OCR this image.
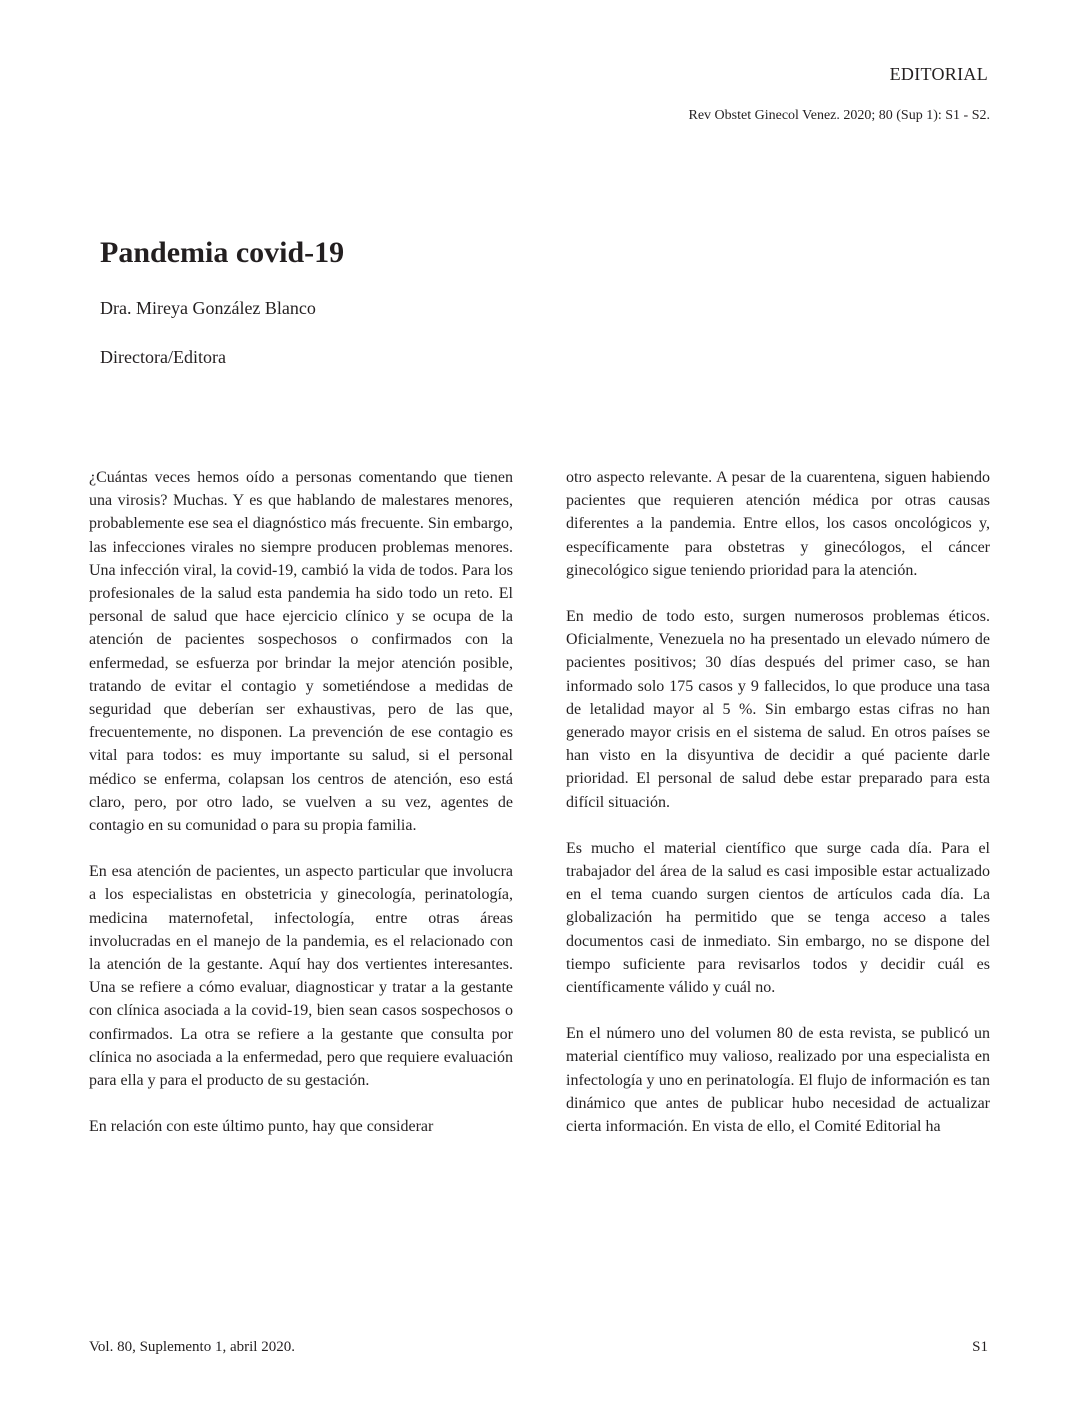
EDITORIAL
Rev Obstet Ginecol Venez. 2020; 80 (Sup 1): S1 - S2.
Pandemia covid-19
Dra. Mireya González Blanco
Directora/Editora

¿Cuántas veces hemos oído a personas comentando que tienen una virosis? Muchas. Y es que hablando de malestares menores, probablemente ese sea el diagnóstico más frecuente. Sin embargo, las infecciones virales no siempre producen problemas menores. Una infección viral, la covid-19, cambió la vida de todos. Para los profesionales de la salud esta pandemia ha sido todo un reto. El personal de salud que hace ejercicio clínico y se ocupa de la atención de pacientes sospechosos o confirmados con la enfermedad, se esfuerza por brindar la mejor atención posible, tratando de evitar el contagio y sometiéndose a medidas de seguridad que deberían ser exhaustivas, pero de las que, frecuentemente, no disponen. La prevención de ese contagio es vital para todos: es muy importante su salud, si el personal médico se enferma, colapsan los centros de atención, eso está claro, pero, por otro lado, se vuelven a su vez, agentes de contagio en su comunidad o para su propia familia.

En esa atención de pacientes, un aspecto particular que involucra a los especialistas en obstetricia y ginecología, perinatología, medicina maternofetal, infectología, entre otras áreas involucradas en el manejo de la pandemia, es el relacionado con la atención de la gestante. Aquí hay dos vertientes interesantes. Una se refiere a cómo evaluar, diagnosticar y tratar a la gestante con clínica asociada a la covid-19, bien sean casos sospechosos o confirmados. La otra se refiere a la gestante que consulta por clínica no asociada a la enfermedad, pero que requiere evaluación para ella y para el producto de su gestación.

En relación con este último punto, hay que considerar

otro aspecto relevante. A pesar de la cuarentena, siguen habiendo pacientes que requieren atención médica por otras causas diferentes a la pandemia. Entre ellos, los casos oncológicos y, específicamente para obstetras y ginecólogos, el cáncer ginecológico sigue teniendo prioridad para la atención.

En medio de todo esto, surgen numerosos problemas éticos. Oficialmente, Venezuela no ha presentado un elevado número de pacientes positivos; 30 días después del primer caso, se han informado solo 175 casos y 9 fallecidos, lo que produce una tasa de letalidad mayor al 5 %. Sin embargo estas cifras no han generado mayor crisis en el sistema de salud. En otros países se han visto en la disyuntiva de decidir a qué paciente darle prioridad. El personal de salud debe estar preparado para esta difícil situación.

Es mucho el material científico que surge cada día. Para el trabajador del área de la salud es casi imposible estar actualizado en el tema cuando surgen cientos de artículos cada día. La globalización ha permitido que se tenga acceso a tales documentos casi de inmediato. Sin embargo, no se dispone del tiempo suficiente para revisarlos todos y decidir cuál es científicamente válido y cuál no.

En el número uno del volumen 80 de esta revista, se publicó un material científico muy valioso, realizado por una especialista en infectología y uno en perinatología. El flujo de información es tan dinámico que antes de publicar hubo necesidad de actualizar cierta información. En vista de ello, el Comité Editorial ha

Vol. 80, Suplemento 1, abril 2020.	S1
